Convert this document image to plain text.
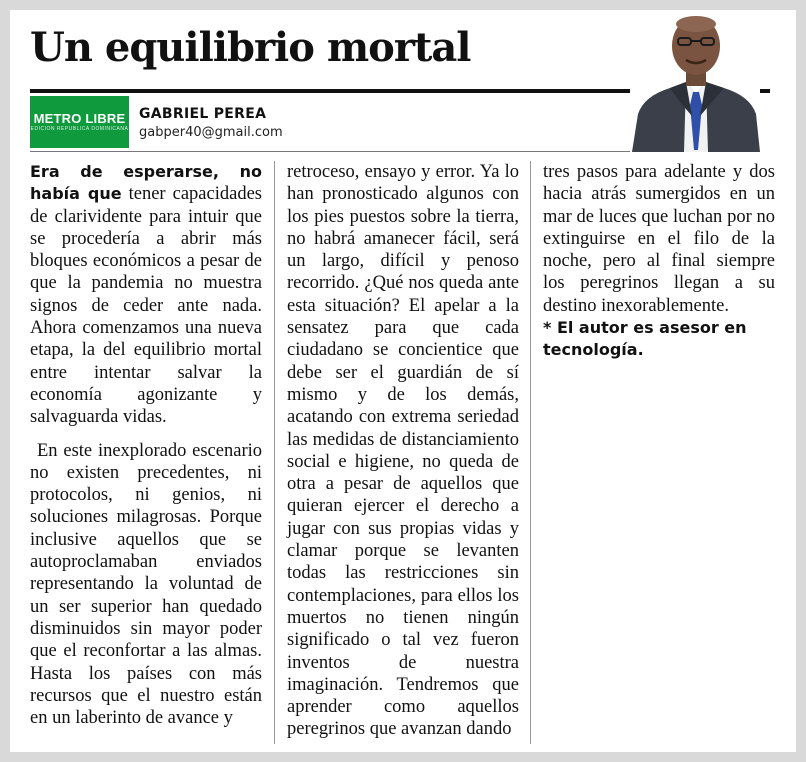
Un equilibrio mortal
METRO LIBRE
EDICION REPUBLICA DOMINICANA
GABRIEL PEREA
gabper40@gmail.com

Era de esperarse, no había que tener capacidades de clarividente para intuir que se procedería a abrir más bloques económicos a pesar de que la pandemia no muestra signos de ceder ante nada. Ahora comenzamos una nueva etapa, la del equilibrio mortal entre intentar salvar la economía agonizante y salvaguarda vidas.

En este inexplorado escenario no existen precedentes, ni protocolos, ni genios, ni soluciones milagrosas. Porque inclusive aquellos que se autoproclamaban enviados representando la voluntad de un ser superior han quedado disminuidos sin mayor poder que el reconfortar a las almas. Hasta los países con más recursos que el nuestro están en un laberinto de avance y

retroceso, ensayo y error. Ya lo han pronosticado algunos con los pies puestos sobre la tierra, no habrá amanecer fácil, será un largo, difícil y penoso recorrido. ¿Qué nos queda ante esta situación? El apelar a la sensatez para que cada ciudadano se concientice que debe ser el guardián de sí mismo y de los demás, acatando con extrema seriedad las medidas de distanciamiento social e higiene, no queda de otra a pesar de aquellos que quieran ejercer el derecho a jugar con sus propias vidas y clamar porque se levanten todas las restricciones sin contemplaciones, para ellos los muertos no tienen ningún significado o tal vez fueron inventos de nuestra imaginación. Tendremos que aprender como aquellos peregrinos que avanzan dando

tres pasos para adelante y dos hacia atrás sumergidos en un mar de luces que luchan por no extinguirse en el filo de la noche, pero al final siempre los peregrinos llegan a su destino inexorablemente.

* El autor es asesor en tecnología.
